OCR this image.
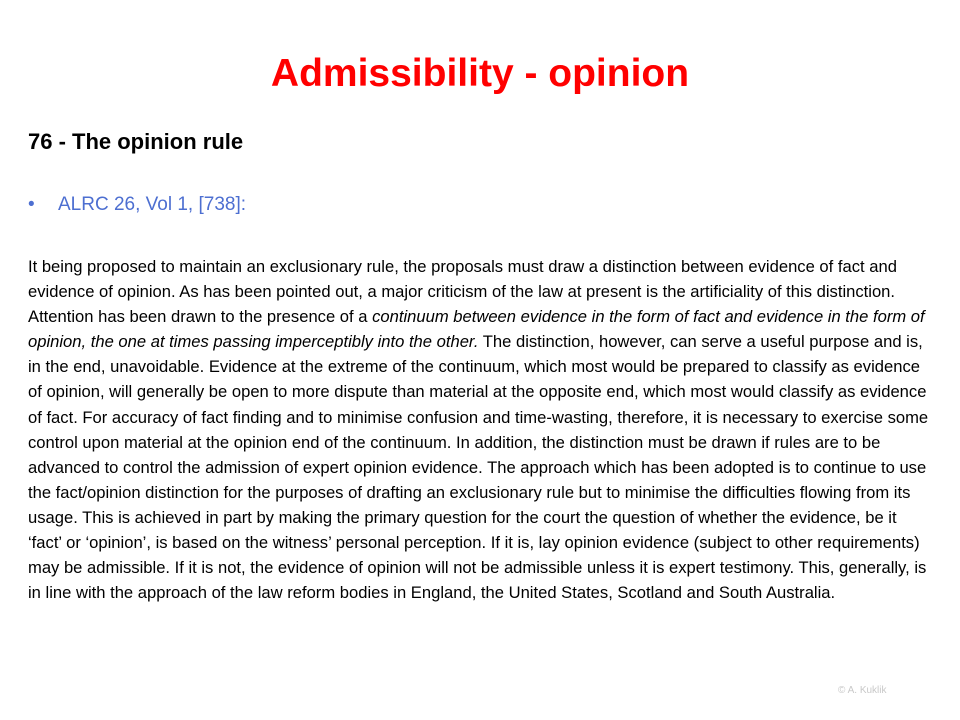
Admissibility - opinion
76 - The opinion rule
•	ALRC 26, Vol 1, [738]:

It being proposed to maintain an exclusionary rule, the proposals must draw a distinction between evidence of fact and evidence of opinion. As has been pointed out, a major criticism of the law at present is the artificiality of this distinction. Attention has been drawn to the presence of a continuum between evidence in the form of fact and evidence in the form of opinion, the one at times passing imperceptibly into the other. The distinction, however, can serve a useful purpose and is, in the end, unavoidable. Evidence at the extreme of the continuum, which most would be prepared to classify as evidence of opinion, will generally be open to more dispute than material at the opposite end, which most would classify as evidence of fact. For accuracy of fact finding and to minimise confusion and time-wasting, therefore, it is necessary to exercise some control upon material at the opinion end of the continuum. In addition, the distinction must be drawn if rules are to be advanced to control the admission of expert opinion evidence. The approach which has been adopted is to continue to use the fact/opinion distinction for the purposes of drafting an exclusionary rule but to minimise the difficulties flowing from its usage. This is achieved in part by making the primary question for the court the question of whether the evidence, be it ‘fact’ or ‘opinion’, is based on the witness’ personal perception. If it is, lay opinion evidence (subject to other requirements) may be admissible. If it is not, the evidence of opinion will not be admissible unless it is expert testimony. This, generally, is in line with the approach of the law reform bodies in England, the United States, Scotland and South Australia.

© A. Kuklik
